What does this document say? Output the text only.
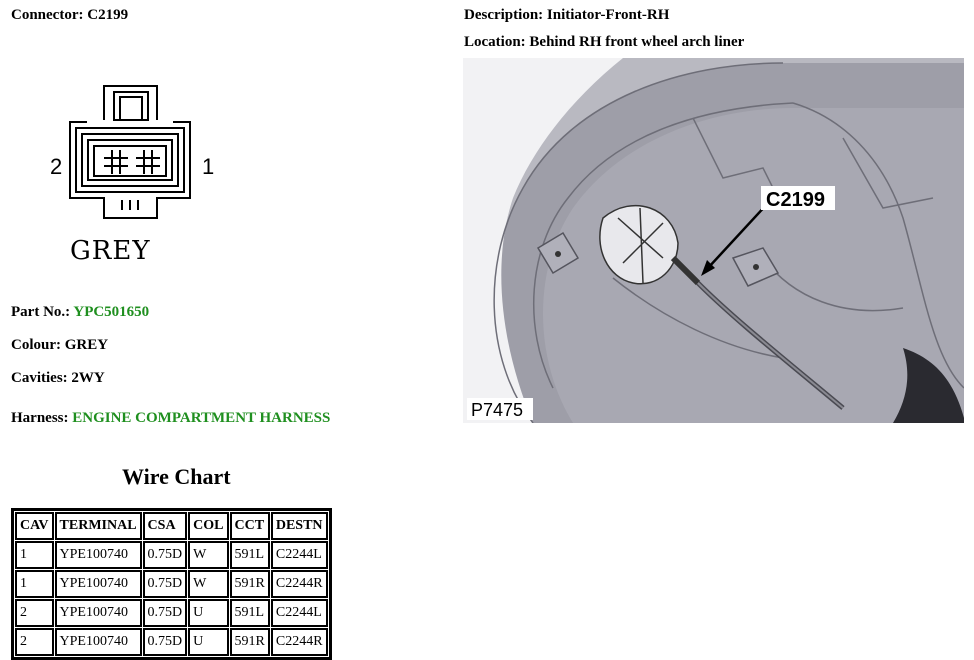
Connector: C2199	Description: Initiator-Front-RH
Location: Behind RH front wheel arch liner
2	1
GREY
Part No.: YPC501650
Colour: GREY
Cavities: 2WY
Harness: ENGINE COMPARTMENT HARNESS
C2199
P7475
Wire Chart
CAV	TERMINAL	CSA	COL	CCT	DESTN
1	YPE100740	0.75D	W	591L	C2244L
1	YPE100740	0.75D	W	591R	C2244R
2	YPE100740	0.75D	U	591L	C2244L
2	YPE100740	0.75D	U	591R	C2244R
